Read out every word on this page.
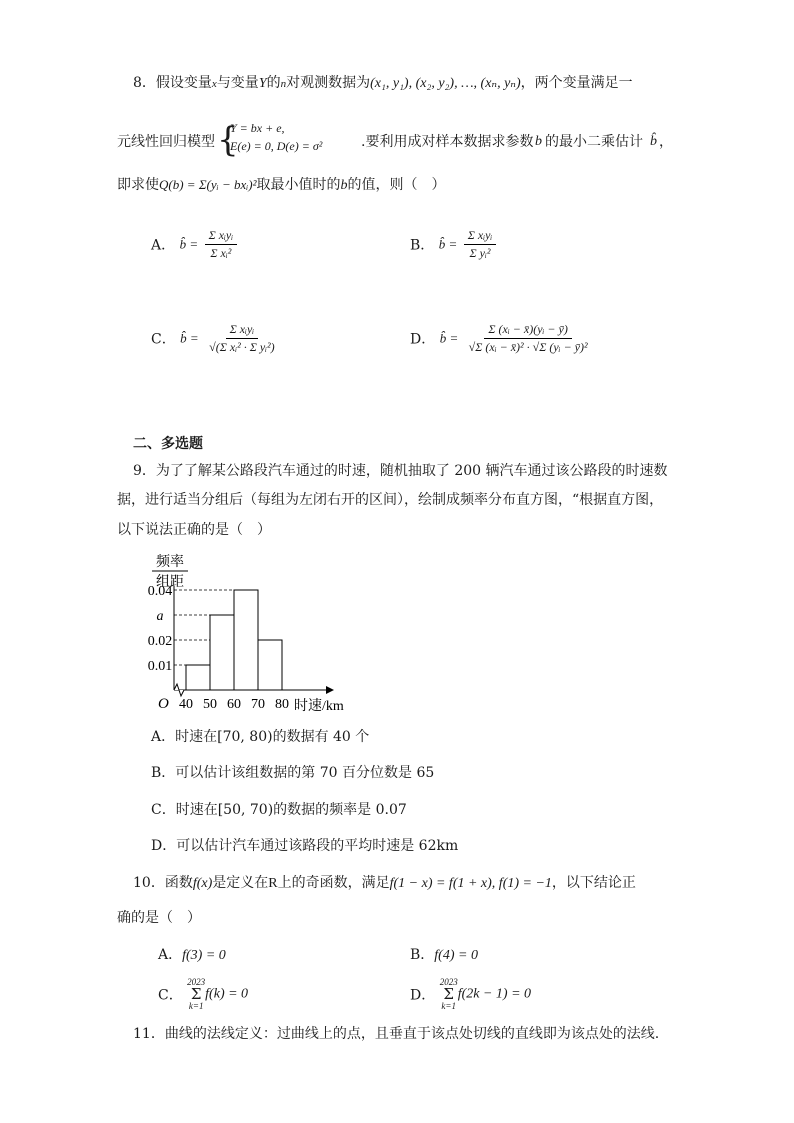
8．假设变量x与变量Y的n对观测数据为(x₁, y₁), (x₂, y₂), …, (xₙ, yₙ)，两个变量满足一
元线性回归模型 {
Y = bx + e,
E(e) = 0, D(e) = σ²	.要利用成对样本数据求参数 b 的最小二乘估计 b̂ ，
即求使Q(b) = Σ(yᵢ − bxᵢ)²取最小值时的b的值，则（　）
A． b̂ = $\frac{\text{Σ xᵢyᵢ}}{\text{Σ xᵢ²}}$	B． b̂ = $\frac{\text{Σ xᵢyᵢ}}{\text{Σ yᵢ²}}$
C． b̂ = $\frac{\text{Σ xᵢyᵢ}}{\text{√(Σ xᵢ² · Σ yᵢ²)}}$	D． b̂ = $\frac{\text{Σ (xᵢ − x̄)(yᵢ − ȳ)}}{\text{√Σ (xᵢ − x̄)² · √Σ (yᵢ − ȳ)²}}$
二、多选题
9．为了了解某公路段汽车通过的时速，随机抽取了 200 辆汽车通过该公路段的时速数
据，进行适当分组后（每组为左闭右开的区间），绘制成频率分布直方图，“根据直方图，
以下说法正确的是（　）
频率
组距
0.04
a
0.02
0.01
40 50 60 70 80
O	时速/km
A．时速在[70, 80)的数据有 40 个
B．可以估计该组数据的第 70 百分位数是 65
C．时速在[50, 70)的数据的频率是 0.07
D．可以估计汽车通过该路段的平均时速是 62km
10．函数f(x)是定义在R上的奇函数，满足f(1 − x) = f(1 + x), f(1) = −1，以下结论正
确的是（　）
A．f(3) = 0	B．f(4) = 0
C．
2023
Σ
k=1
f(k) = 0	D．
2023
Σ
k=1
f(2k − 1) = 0
11．曲线的法线定义：过曲线上的点，且垂直于该点处切线的直线即为该点处的法线.
